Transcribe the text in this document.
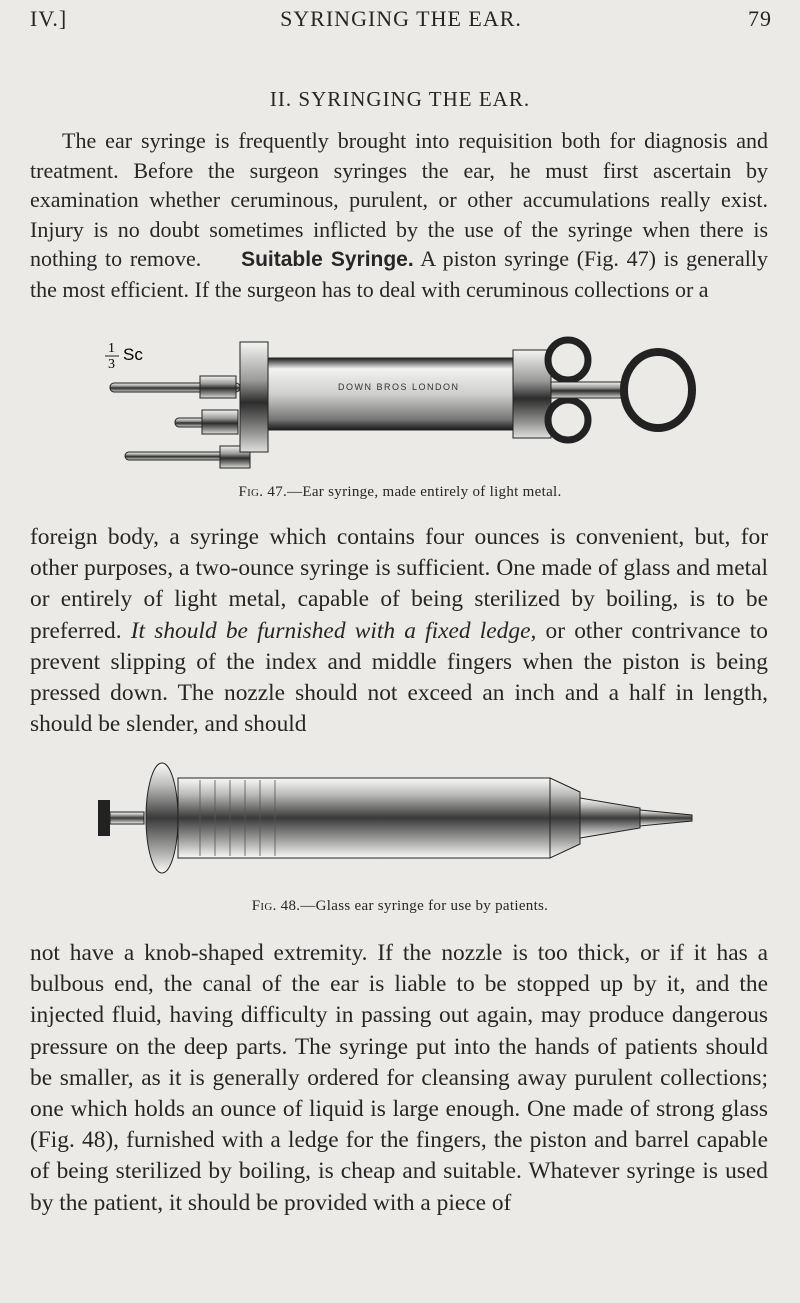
IV.]	SYRINGING THE EAR.	79
II. SYRINGING THE EAR.

The ear syringe is frequently brought into requisition both for diagnosis and treatment. Before the surgeon syringes the ear, he must first ascertain by examination whether ceruminous, purulent, or other accumulations really exist. Injury is no doubt sometimes inflicted by the use of the syringe when there is nothing to remove. Suitable Syringe. A piston syringe (Fig. 47) is generally the most efficient. If the surgeon has to deal with ceruminous collections or a

1
3
Sc
DOWN BROS LONDON
Fig. 47.—Ear syringe, made entirely of light metal.

foreign body, a syringe which contains four ounces is convenient, but, for other purposes, a two-ounce syringe is sufficient. One made of glass and metal or entirely of light metal, capable of being sterilized by boiling, is to be preferred. It should be furnished with a fixed ledge, or other contrivance to prevent slipping of the index and middle fingers when the piston is being pressed down. The nozzle should not exceed an inch and a half in length, should be slender, and should

Fig. 48.—Glass ear syringe for use by patients.

not have a knob-shaped extremity. If the nozzle is too thick, or if it has a bulbous end, the canal of the ear is liable to be stopped up by it, and the injected fluid, having difficulty in passing out again, may produce dangerous pressure on the deep parts. The syringe put into the hands of patients should be smaller, as it is generally ordered for cleansing away purulent collections; one which holds an ounce of liquid is large enough. One made of strong glass (Fig. 48), furnished with a ledge for the fingers, the piston and barrel capable of being sterilized by boiling, is cheap and suitable. Whatever syringe is used by the patient, it should be provided with a piece of
